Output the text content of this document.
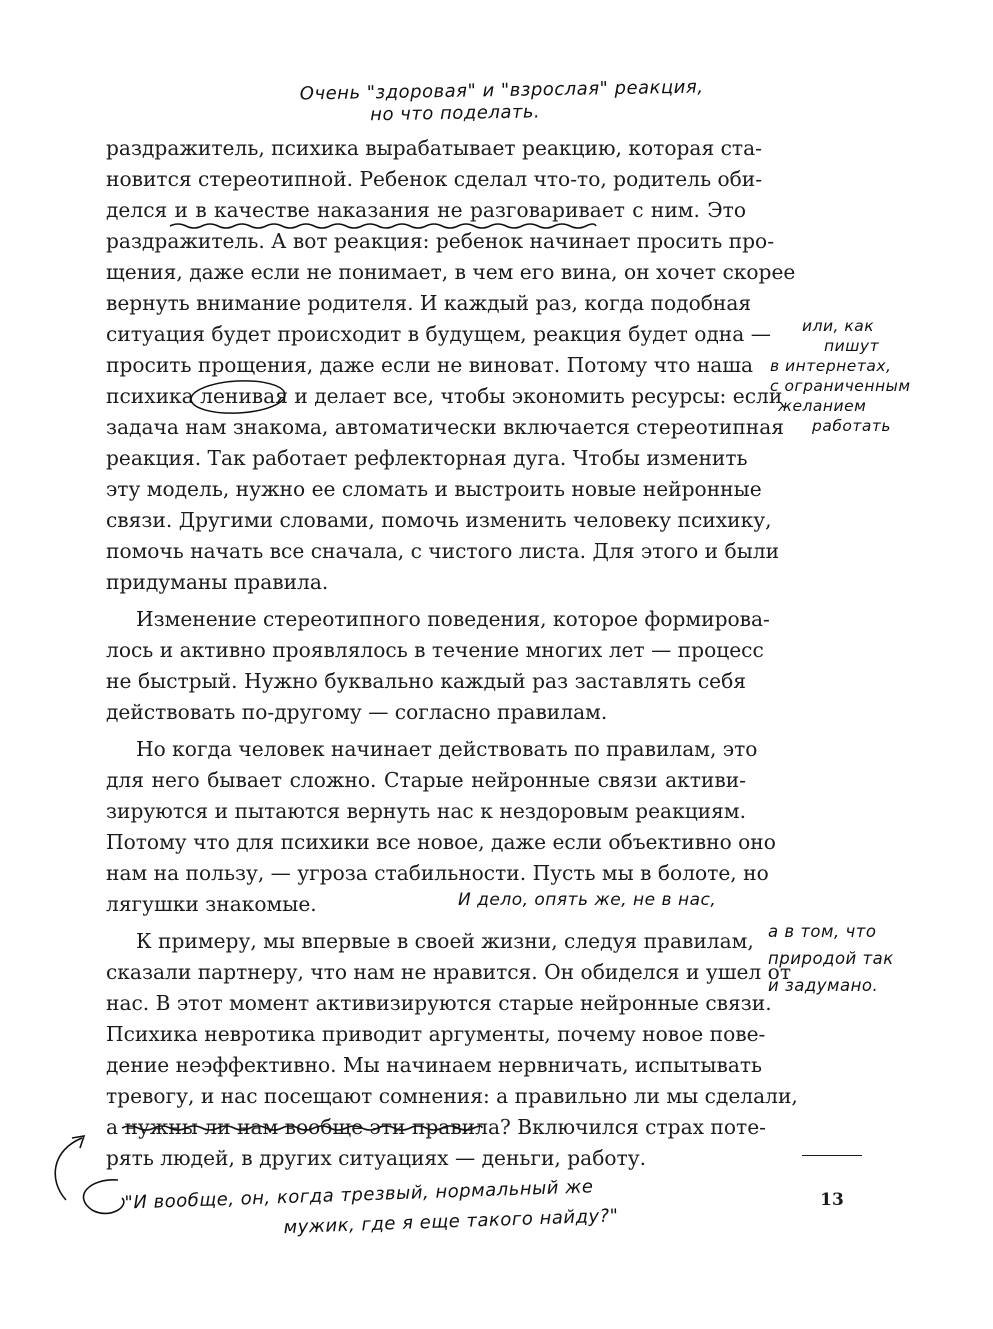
Очень "здоровая" и "взрослая" реакция,
но что поделать.
раздражитель, психика вырабатывает реакцию, которая ста-
новится стереотипной. Ребенок сделал что-то, родитель оби-
делся и в качестве наказания не разговаривает с ним. Это
раздражитель. А вот реакция: ребенок начинает просить про-
щения, даже если не понимает, в чем его вина, он хочет скорее
вернуть внимание родителя. И каждый раз, когда подобная
ситуация будет происходит в будущем, реакция будет одна —
просить прощения, даже если не виноват. Потому что наша
психика ленивая и делает все, чтобы экономить ресурсы: если
задача нам знакома, автоматически включается стереотипная
реакция. Так работает рефлекторная дуга. Чтобы изменить
эту модель, нужно ее сломать и выстроить новые нейронные
связи. Другими словами, помочь изменить человеку психику,
помочь начать все сначала, с чистого листа. Для этого и были
придуманы правила.
Изменение стереотипного поведения, которое формирова-
лось и активно проявлялось в течение многих лет — процесс
не быстрый. Нужно буквально каждый раз заставлять себя
действовать по-другому — согласно правилам.
Но когда человек начинает действовать по правилам, это
для него бывает сложно. Старые нейронные связи активи-
зируются и пытаются вернуть нас к нездоровым реакциям.
Потому что для психики все новое, даже если объективно оно
нам на пользу, — угроза стабильности. Пусть мы в болоте, но
лягушки знакомые.
К примеру, мы впервые в своей жизни, следуя правилам,
сказали партнеру, что нам не нравится. Он обиделся и ушел от
нас. В этот момент активизируются старые нейронные связи.
Психика невротика приводит аргументы, почему новое пове-
дение неэффективно. Мы начинаем нервничать, испытывать
тревогу, и нас посещают сомнения: а правильно ли мы сделали,
а нужны ли нам вообще эти правила? Включился страх поте-
рять людей, в других ситуациях — деньги, работу.
или, как
пишут
в интернетах,
с ограниченным
желанием
работать
И дело, опять же, не в нас,
а в том, что
природой так
и задумано.
13
"И вообще, он, когда трезвый, нормальный же
мужик, где я еще такого найду?"
